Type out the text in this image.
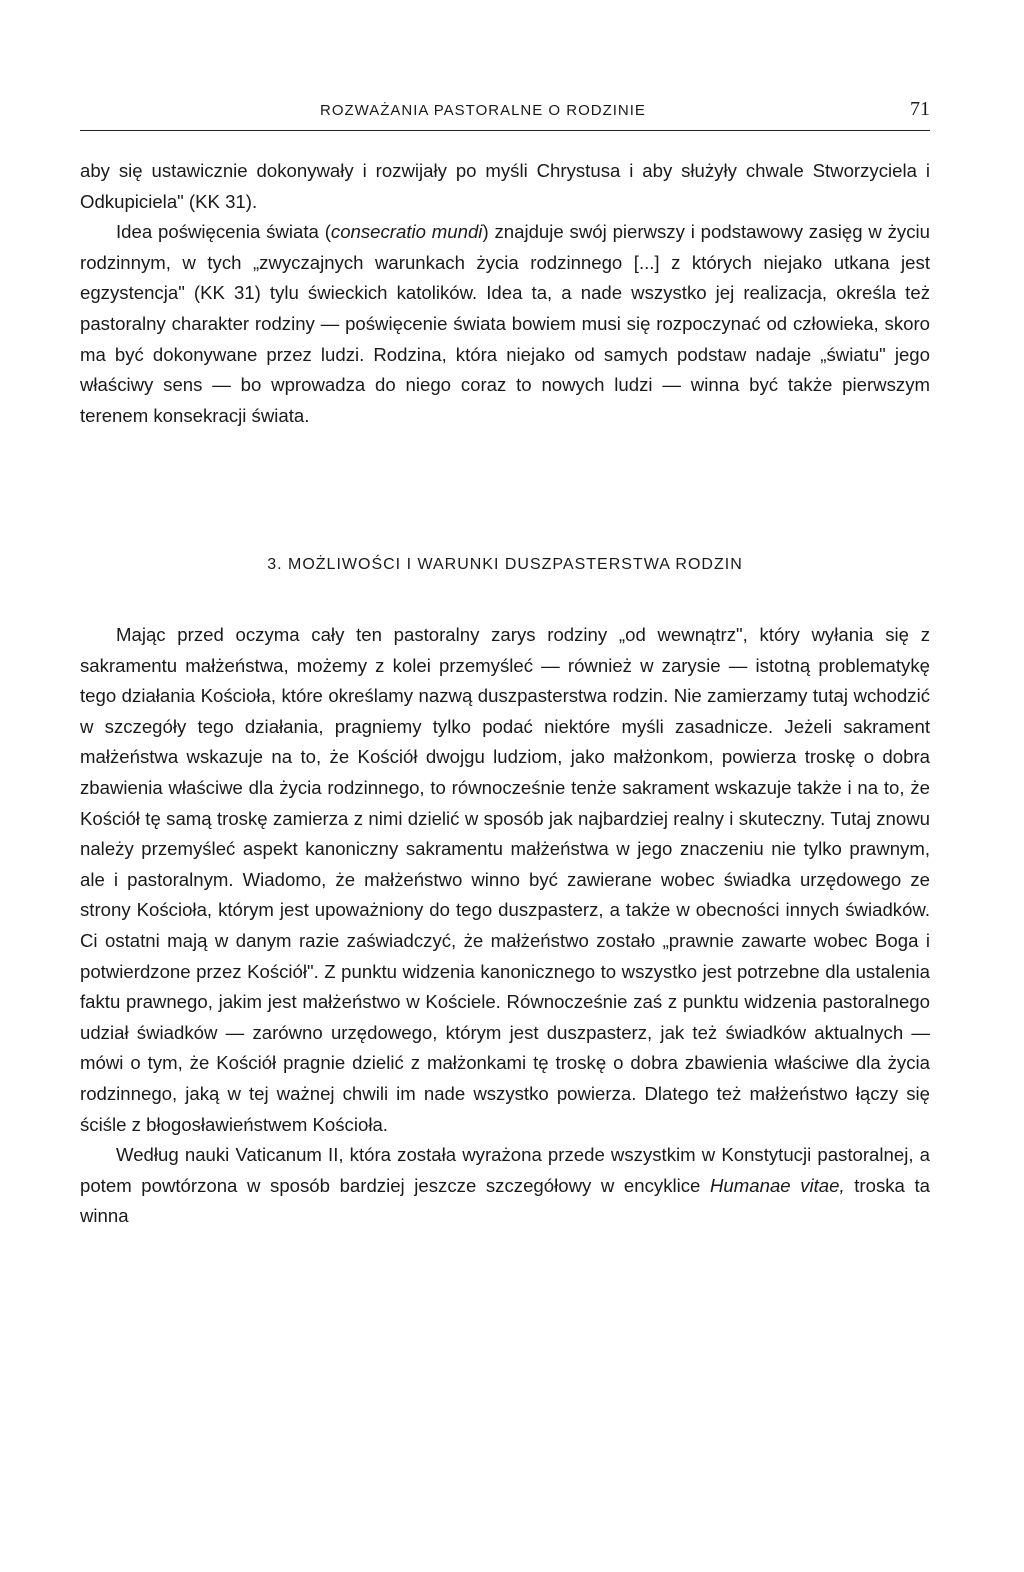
ROZWAŻANIA PASTORALNE O RODZINIE	71

aby się ustawicznie dokonywały i rozwijały po myśli Chrystusa i aby służyły chwale Stworzyciela i Odkupiciela" (KK 31).

Idea poświęcenia świata (consecratio mundi) znajduje swój pierwszy i podstawowy zasięg w życiu rodzinnym, w tych „zwyczajnych warunkach życia rodzinnego [...] z których niejako utkana jest egzystencja" (KK 31) tylu świeckich katolików. Idea ta, a nade wszystko jej realizacja, określa też pastoralny charakter rodziny — poświęcenie świata bowiem musi się rozpoczynać od człowieka, skoro ma być dokonywane przez ludzi. Rodzina, która niejako od samych podstaw nadaje „światu" jego właściwy sens — bo wprowadza do niego coraz to nowych ludzi — winna być także pierwszym terenem konsekracji świata.

3. MOŻLIWOŚCI I WARUNKI DUSZPASTERSTWA RODZIN

Mając przed oczyma cały ten pastoralny zarys rodziny „od wewnątrz", który wyłania się z sakramentu małżeństwa, możemy z kolei przemyśleć — również w zarysie — istotną problematykę tego działania Kościoła, które określamy nazwą duszpasterstwa rodzin. Nie zamierzamy tutaj wchodzić w szczegóły tego działania, pragniemy tylko podać niektóre myśli zasadnicze. Jeżeli sakrament małżeństwa wskazuje na to, że Kościół dwojgu ludziom, jako małżonkom, powierza troskę o dobra zbawienia właściwe dla życia rodzinnego, to równocześnie tenże sakrament wskazuje także i na to, że Kościół tę samą troskę zamierza z nimi dzielić w sposób jak najbardziej realny i skuteczny. Tutaj znowu należy przemyśleć aspekt kanoniczny sakramentu małżeństwa w jego znaczeniu nie tylko prawnym, ale i pastoralnym. Wiadomo, że małżeństwo winno być zawierane wobec świadka urzędowego ze strony Kościoła, którym jest upoważniony do tego duszpasterz, a także w obecności innych świadków. Ci ostatni mają w danym razie zaświadczyć, że małżeństwo zostało „prawnie zawarte wobec Boga i potwierdzone przez Kościół". Z punktu widzenia kanonicznego to wszystko jest potrzebne dla ustalenia faktu prawnego, jakim jest małżeństwo w Kościele. Równocześnie zaś z punktu widzenia pastoralnego udział świadków — zarówno urzędowego, którym jest duszpasterz, jak też świadków aktualnych — mówi o tym, że Kościół pragnie dzielić z małżonkami tę troskę o dobra zbawienia właściwe dla życia rodzinnego, jaką w tej ważnej chwili im nade wszystko powierza. Dlatego też małżeństwo łączy się ściśle z błogosławieństwem Kościoła.

Według nauki Vaticanum II, która została wyrażona przede wszystkim w Konstytucji pastoralnej, a potem powtórzona w sposób bardziej jeszcze szczegółowy w encyklice Humanae vitae, troska ta winna
